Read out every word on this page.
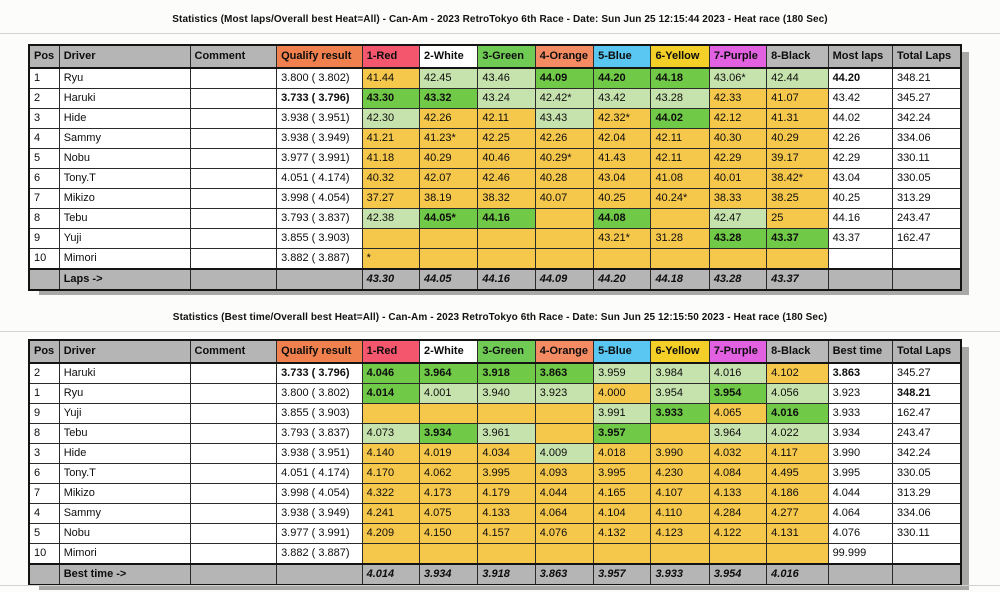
Statistics (Most laps/Overall best Heat=All) - Can-Am - 2023 RetroTokyo 6th Race - Date: Sun Jun 25 12:15:44 2023 - Heat race (180 Sec)
Pos	Driver	Comment	Qualify result	1-Red	2-White	3-Green	4-Orange	5-Blue	6-Yellow	7-Purple	8-Black	Most laps	Total Laps
1	Ryu		3.800 ( 3.802)	41.44	42.45	43.46	44.09	44.20	44.18	43.06*	42.44	44.20	348.21
2	Haruki		3.733 ( 3.796)	43.30	43.32	43.24	42.42*	43.42	43.28	42.33	41.07	43.42	345.27
3	Hide		3.938 ( 3.951)	42.30	42.26	42.11	43.43	42.32*	44.02	42.12	41.31	44.02	342.24
4	Sammy		3.938 ( 3.949)	41.21	41.23*	42.25	42.26	42.04	42.11	40.30	40.29	42.26	334.06
5	Nobu		3.977 ( 3.991)	41.18	40.29	40.46	40.29*	41.43	42.11	42.29	39.17	42.29	330.11
6	Tony.T		4.051 ( 4.174)	40.32	42.07	42.46	40.28	43.04	41.08	40.01	38.42*	43.04	330.05
7	Mikizo		3.998 ( 4.054)	37.27	38.19	38.32	40.07	40.25	40.24*	38.33	38.25	40.25	313.29
8	Tebu		3.793 ( 3.837)	42.38	44.05*	44.16		44.08		42.47	25	44.16	243.47
9	Yuji		3.855 ( 3.903)					43.21*	31.28	43.28	43.37	43.37	162.47
10	Mimori		3.882 ( 3.887)	*									
	Laps ->			43.30	44.05	44.16	44.09	44.20	44.18	43.28	43.37		
Statistics (Best time/Overall best Heat=All) - Can-Am - 2023 RetroTokyo 6th Race - Date: Sun Jun 25 12:15:50 2023 - Heat race (180 Sec)
Pos	Driver	Comment	Qualify result	1-Red	2-White	3-Green	4-Orange	5-Blue	6-Yellow	7-Purple	8-Black	Best time	Total Laps
2	Haruki		3.733 ( 3.796)	4.046	3.964	3.918	3.863	3.959	3.984	4.016	4.102	3.863	345.27
1	Ryu		3.800 ( 3.802)	4.014	4.001	3.940	3.923	4.000	3.954	3.954	4.056	3.923	348.21
9	Yuji		3.855 ( 3.903)					3.991	3.933	4.065	4.016	3.933	162.47
8	Tebu		3.793 ( 3.837)	4.073	3.934	3.961		3.957		3.964	4.022	3.934	243.47
3	Hide		3.938 ( 3.951)	4.140	4.019	4.034	4.009	4.018	3.990	4.032	4.117	3.990	342.24
6	Tony.T		4.051 ( 4.174)	4.170	4.062	3.995	4.093	3.995	4.230	4.084	4.495	3.995	330.05
7	Mikizo		3.998 ( 4.054)	4.322	4.173	4.179	4.044	4.165	4.107	4.133	4.186	4.044	313.29
4	Sammy		3.938 ( 3.949)	4.241	4.075	4.133	4.064	4.104	4.110	4.284	4.277	4.064	334.06
5	Nobu		3.977 ( 3.991)	4.209	4.150	4.157	4.076	4.132	4.123	4.122	4.131	4.076	330.11
10	Mimori		3.882 ( 3.887)									99.999	
	Best time ->			4.014	3.934	3.918	3.863	3.957	3.933	3.954	4.016		
